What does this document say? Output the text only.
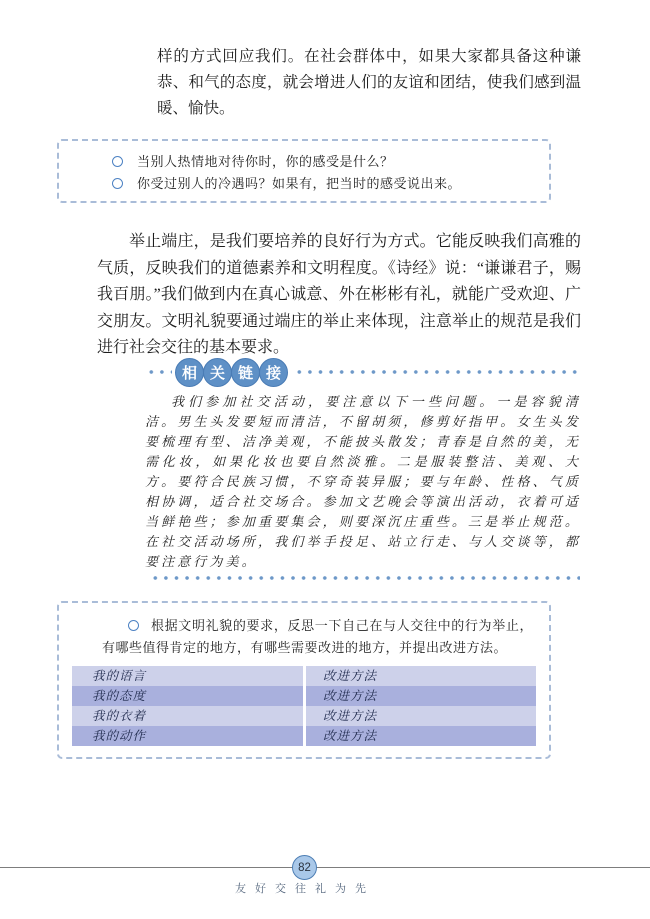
样的方式回应我们。在社会群体中，如果大家都具备这种谦恭、和气的态度，就会增进人们的友谊和团结，使我们感到温暖、愉快。

当别人热情地对待你时，你的感受是什么？
你受过别人的冷遇吗？如果有，把当时的感受说出来。

举止端庄，是我们要培养的良好行为方式。它能反映我们高雅的气质，反映我们的道德素养和文明程度。《诗经》说：“谦谦君子，赐我百朋。”我们做到内在真心诚意、外在彬彬有礼，就能广受欢迎、广交朋友。文明礼貌要通过端庄的举止来体现，注意举止的规范是我们进行社会交往的基本要求。

相 关 链 接

我们参加社交活动，要注意以下一些问题。一是容貌清洁。男生头发要短而清洁，不留胡须，修剪好指甲。女生头发要梳理有型、洁净美观，不能披头散发；青春是自然的美，无需化妆，如果化妆也要自然淡雅。二是服装整洁、美观、大方。要符合民族习惯，不穿奇装异服；要与年龄、性格、气质相协调，适合社交场合。参加文艺晚会等演出活动，衣着可适当鲜艳些；参加重要集会，则要深沉庄重些。三是举止规范。在社交活动场所，我们举手投足、站立行走、与人交谈等，都要注意行为美。

根据文明礼貌的要求，反思一下自己在与人交往中的行为举止，有哪些值得肯定的地方，有哪些需要改进的地方，并提出改进方法。

我的语言	改进方法
我的态度	改进方法
我的衣着	改进方法
我的动作	改进方法
82
友好交往礼为先
